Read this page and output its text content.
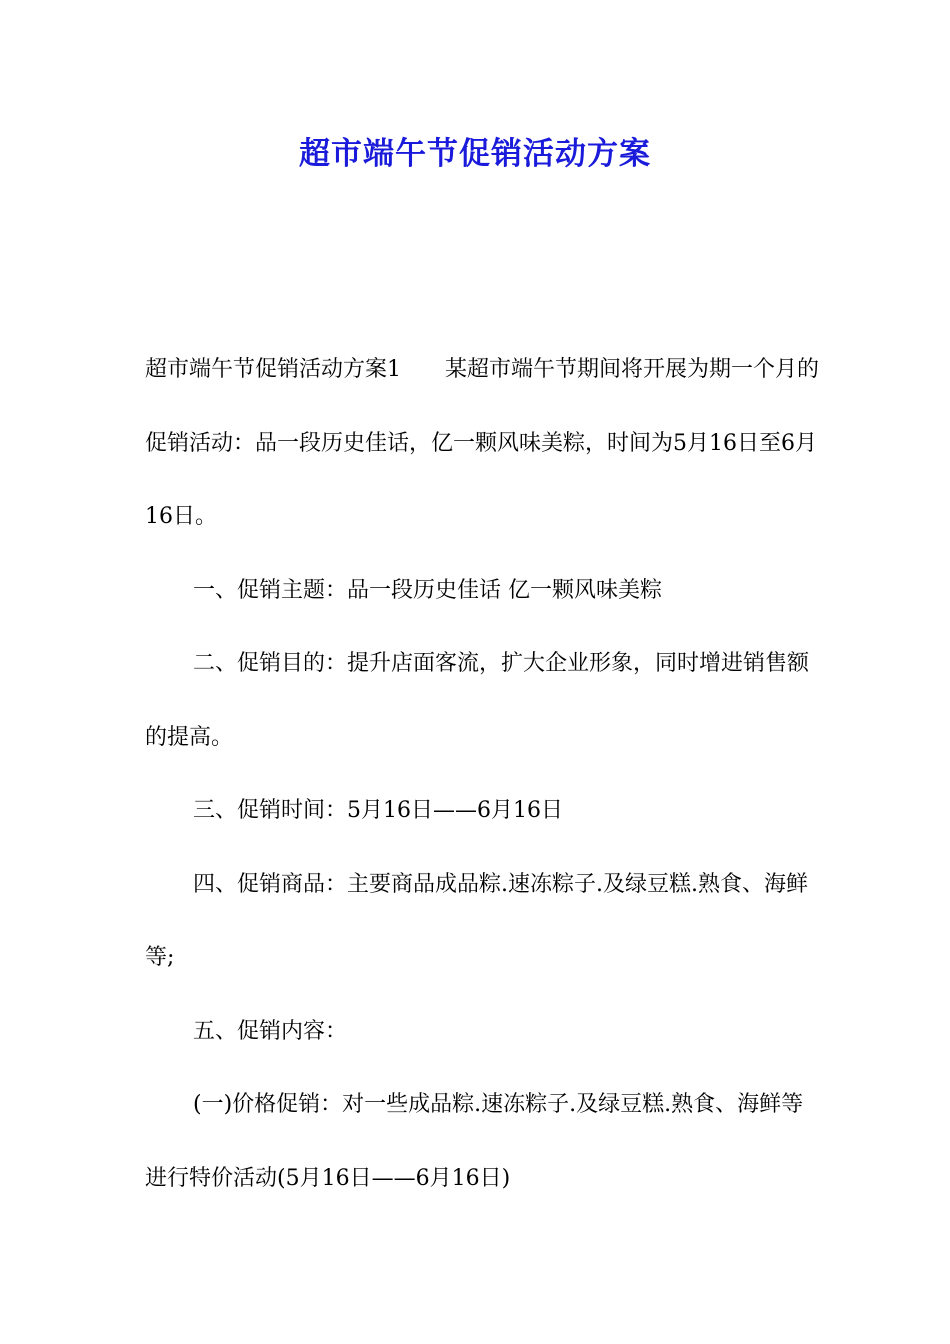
超市端午节促销活动方案

超市端午节促销活动方案1　　某超市端午节期间将开展为期一个月的促销活动：品一段历史佳话，亿一颗风味美粽，时间为5月16日至6月16日。

一、促销主题：品一段历史佳话 亿一颗风味美粽

二、促销目的：提升店面客流，扩大企业形象，同时增进销售额的提高。

三、促销时间：5月16日——6月16日

四、促销商品：主要商品成品粽.速冻粽子.及绿豆糕.熟食、海鲜等;

五、促销内容：

(一)价格促销：对一些成品粽.速冻粽子.及绿豆糕.熟食、海鲜等进行特价活动(5月16日——6月16日)
